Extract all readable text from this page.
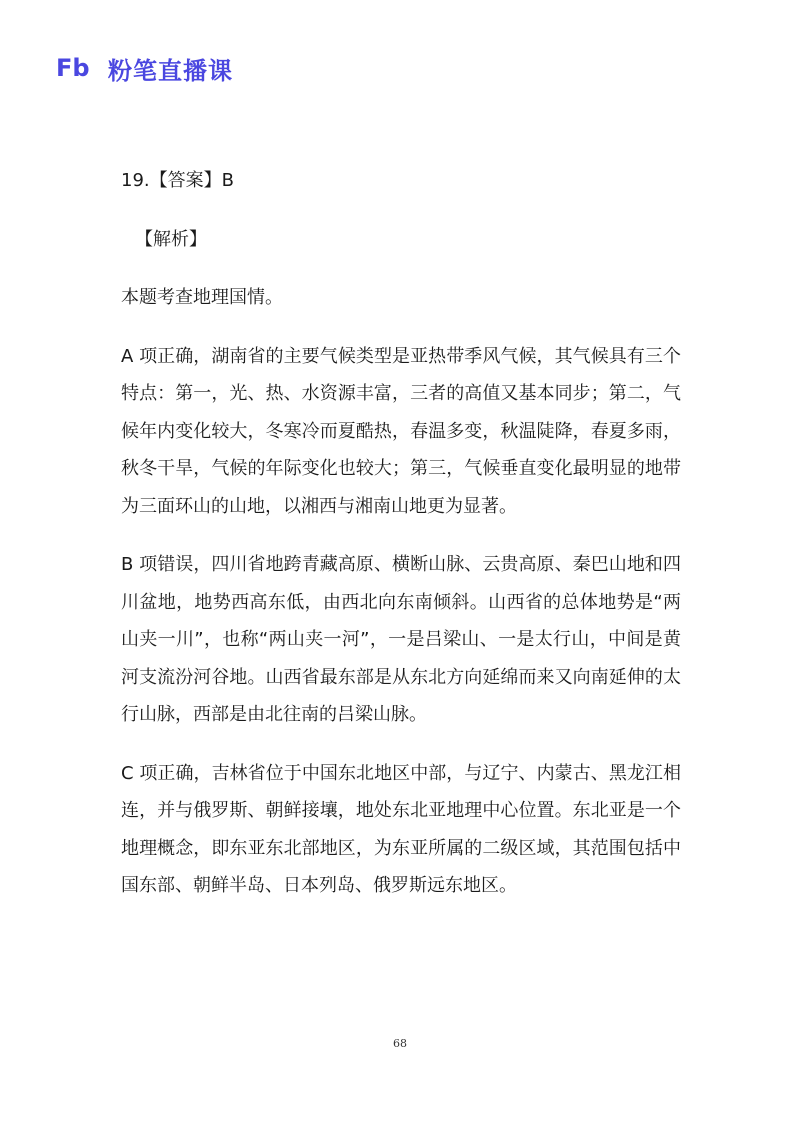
Fb 粉笔直播课

19.【答案】B

【解析】

本题考查地理国情。

A 项正确，湖南省的主要气候类型是亚热带季风气候，其气候具有三个特点：第一，光、热、水资源丰富，三者的高值又基本同步；第二，气候年内变化较大，冬寒冷而夏酷热，春温多变，秋温陡降，春夏多雨，秋冬干旱，气候的年际变化也较大；第三，气候垂直变化最明显的地带为三面环山的山地，以湘西与湘南山地更为显著。

B 项错误，四川省地跨青藏高原、横断山脉、云贵高原、秦巴山地和四川盆地，地势西高东低，由西北向东南倾斜。山西省的总体地势是“两山夹一川”，也称“两山夹一河”，一是吕梁山、一是太行山，中间是黄河支流汾河谷地。山西省最东部是从东北方向延绵而来又向南延伸的太行山脉，西部是由北往南的吕梁山脉。

C 项正确，吉林省位于中国东北地区中部，与辽宁、内蒙古、黑龙江相连，并与俄罗斯、朝鲜接壤，地处东北亚地理中心位置。东北亚是一个地理概念，即东亚东北部地区，为东亚所属的二级区域，其范围包括中国东部、朝鲜半岛、日本列岛、俄罗斯远东地区。

68
